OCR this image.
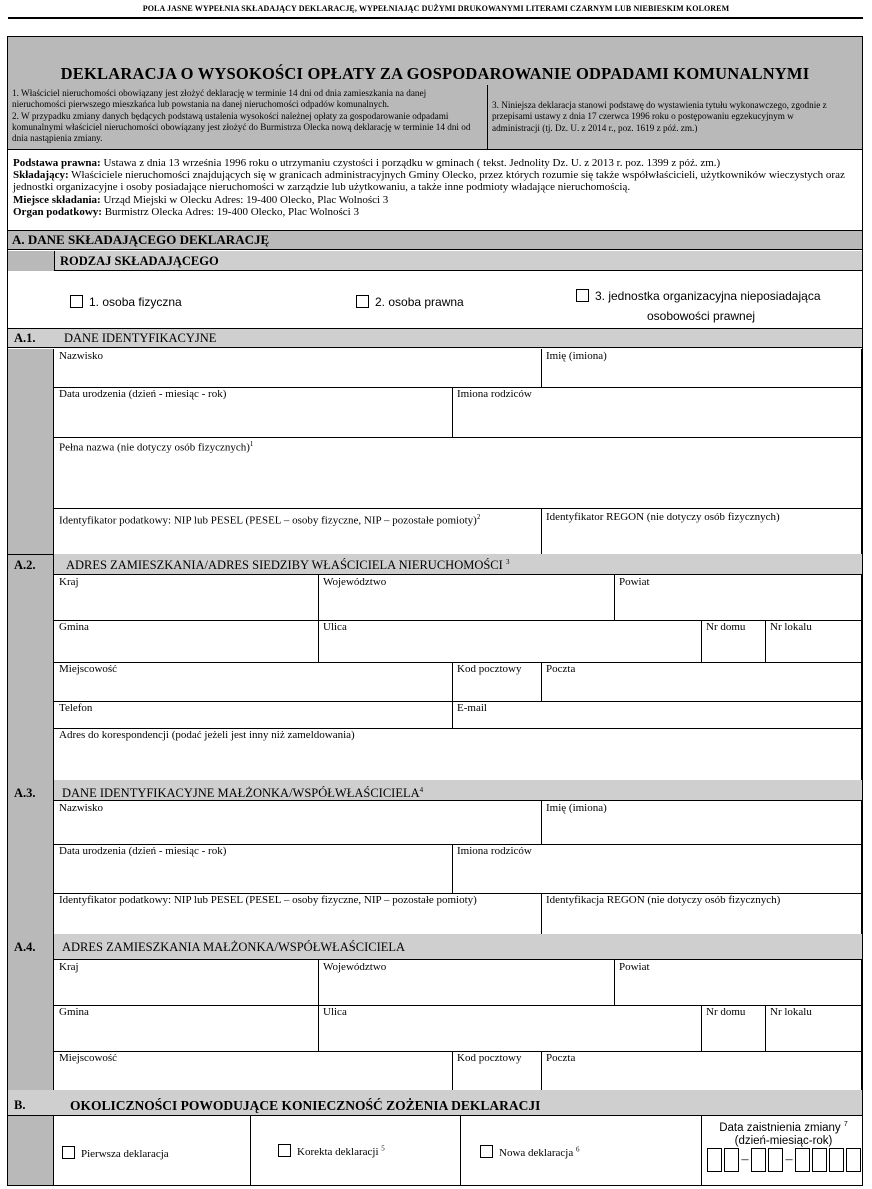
POLA JASNE WYPEŁNIA SKŁADAJĄCY DEKLARACJĘ, WYPEŁNIAJĄC DUŻYMI DRUKOWANYMI LITERAMI CZARNYM LUB NIEBIESKIM KOLOREM
DEKLARACJA O WYSOKOŚCI OPŁATY ZA GOSPODAROWANIE ODPADAMI KOMUNALNYMI
1. Właściciel nieruchomości obowiązany jest złożyć deklarację w terminie 14 dni od dnia zamieszkania na danej nieruchomości pierwszego mieszkańca lub powstania na danej nieruchomości odpadów komunalnych.
2. W przypadku zmiany danych będących podstawą ustalenia wysokości należnej opłaty za gospodarowanie odpadami komunalnymi właściciel nieruchomości obowiązany jest złożyć do Burmistrza Olecka nową deklarację w terminie 14 dni od dnia nastąpienia zmiany.
3. Niniejsza deklaracja stanowi podstawę do wystawienia tytułu wykonawczego, zgodnie z przepisami ustawy z dnia 17 czerwca 1996 roku o postępowaniu egzekucyjnym w administracji (tj. Dz. U. z 2014 r., poz. 1619 z póź. zm.)
Podstawa prawna: Ustawa z dnia 13 września 1996 roku o utrzymaniu czystości i porządku w gminach ( tekst. Jednolity Dz. U. z 2013 r. poz. 1399 z póź. zm.)
Składający: Właściciele nieruchomości znajdujących się w granicach administracyjnych Gminy Olecko, przez których rozumie się także współwłaścicieli, użytkowników wieczystych oraz jednostki organizacyjne i osoby posiadające nieruchomości w zarządzie lub użytkowaniu, a także inne podmioty władające nieruchomością.
Miejsce składania: Urząd Miejski w Olecku Adres: 19-400 Olecko, Plac Wolności 3
Organ podatkowy: Burmistrz Olecka Adres: 19-400 Olecko, Plac Wolności 3
A. DANE SKŁADAJĄCEGO DEKLARACJĘ
RODZAJ SKŁADAJĄCEGO
1. osoba fizyczna	2. osoba prawna	3. jednostka organizacyjna nieposiadająca
osobowości prawnej
A.1. DANE IDENTYFIKACYJNE
Nazwisko	Imię (imiona)
Data urodzenia (dzień - miesiąc - rok)	Imiona rodziców
Pełna nazwa (nie dotyczy osób fizycznych)$^1$
Identyfikator podatkowy: NIP lub PESEL (PESEL – osoby fizyczne, NIP – pozostałe pomioty)$^2$	Identyfikator REGON (nie dotyczy osób fizycznych)
A.2. ADRES ZAMIESZKANIA/ADRES SIEDZIBY WŁAŚCICIELA NIERUCHOMOŚCI $^3$
Kraj	Województwo	Powiat
Gmina	Ulica	Nr domu Nr lokalu
Miejscowość	Kod pocztowy Poczta
Telefon	E-mail
Adres do korespondencji (podać jeżeli jest inny niż zameldowania)
A.3. DANE IDENTYFIKACYJNE MAŁŻONKA/WSPÓŁWŁAŚCICIELA$^4$
Nazwisko	Imię (imiona)
Data urodzenia (dzień - miesiąc - rok)	Imiona rodziców
Identyfikator podatkowy: NIP lub PESEL (PESEL – osoby fizyczne, NIP – pozostałe pomioty)	Identyfikacja REGON (nie dotyczy osób fizycznych)
A.4. ADRES ZAMIESZKANIA MAŁŻONKA/WSPÓŁWŁAŚCICIELA
Kraj	Województwo	Powiat
Gmina	Ulica	Nr domu Nr lokalu
Miejscowość	Kod pocztowy Poczta
B.	OKOLICZNOŚCI POWODUJĄCE KONIECZNOŚĆ ZOŻENIA DEKLARACJI
Pierwsza deklaracja	Korekta deklaracji $^5$	Nowa deklaracja $^6$
Data zaistnienia zmiany $^7$
(dzień-miesiąc-rok)
–	–
